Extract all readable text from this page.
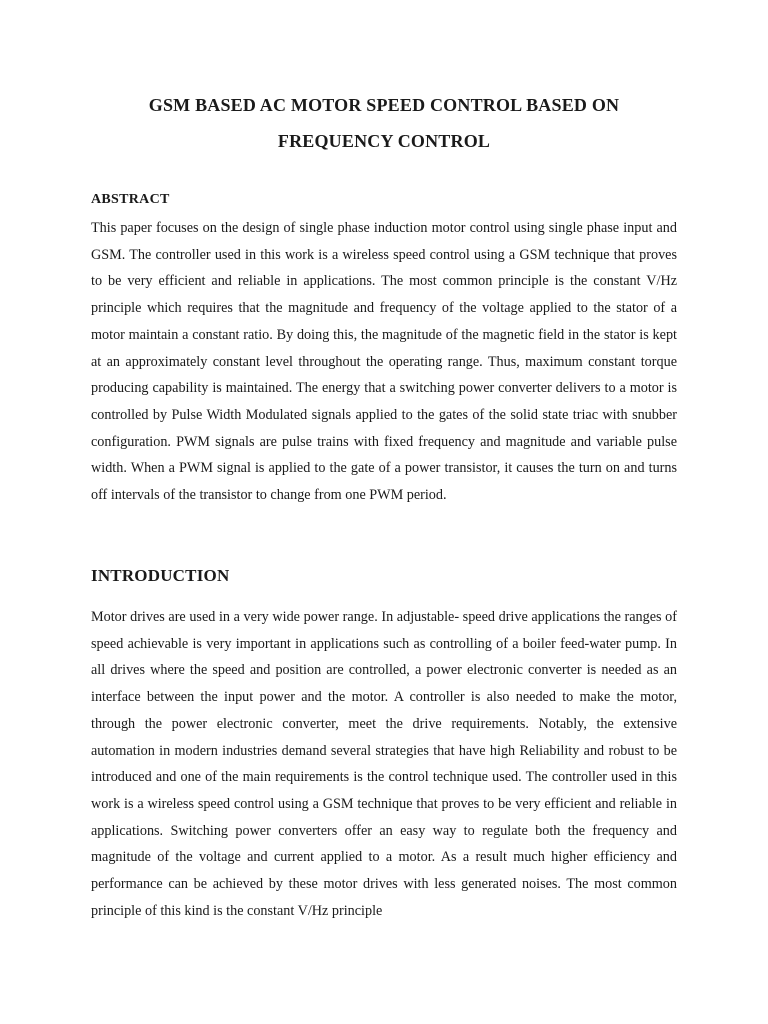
GSM BASED AC MOTOR SPEED CONTROL BASED ON
FREQUENCY CONTROL
ABSTRACT

This paper focuses on the design of single phase induction motor control using single phase input and GSM. The controller used in this work is a wireless speed control using a GSM technique that proves to be very efficient and reliable in applications. The most common principle is the constant V/Hz principle which requires that the magnitude and frequency of the voltage applied to the stator of a motor maintain a constant ratio. By doing this, the magnitude of the magnetic field in the stator is kept at an approximately constant level throughout the operating range. Thus, maximum constant torque producing capability is maintained. The energy that a switching power converter delivers to a motor is controlled by Pulse Width Modulated signals applied to the gates of the solid state triac with snubber configuration. PWM signals are pulse trains with fixed frequency and magnitude and variable pulse width. When a PWM signal is applied to the gate of a power transistor, it causes the turn on and turns off intervals of the transistor to change from one PWM period.

INTRODUCTION

Motor drives are used in a very wide power range. In adjustable- speed drive applications the ranges of speed achievable is very important in applications such as controlling of a boiler feed-water pump. In all drives where the speed and position are controlled, a power electronic converter is needed as an interface between the input power and the motor. A controller is also needed to make the motor, through the power electronic converter, meet the drive requirements. Notably, the extensive automation in modern industries demand several strategies that have high Reliability and robust to be introduced and one of the main requirements is the control technique used. The controller used in this work is a wireless speed control using a GSM technique that proves to be very efficient and reliable in applications. Switching power converters offer an easy way to regulate both the frequency and magnitude of the voltage and current applied to a motor. As a result much higher efficiency and performance can be achieved by these motor drives with less generated noises. The most common principle of this kind is the constant V/Hz principle
